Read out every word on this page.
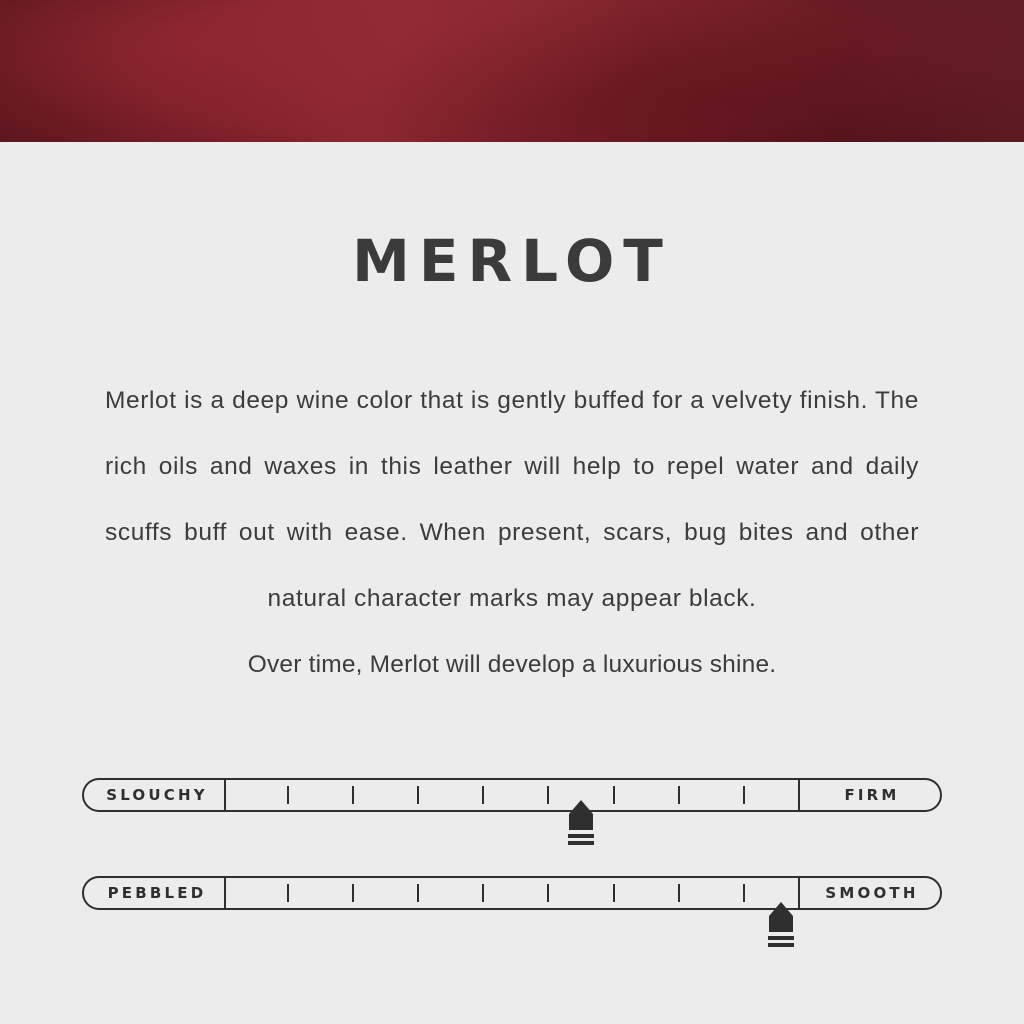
MERLOT
Merlot is a deep wine color that is gently buffed for a velvety finish. The rich oils and waxes in this leather will help to repel water and daily scuffs buff out with ease. When present, scars, bug bites and other natural character marks may appear black.
Over time, Merlot will develop a luxurious shine.
SLOUCHY	FIRM
PEBBLED	SMOOTH
